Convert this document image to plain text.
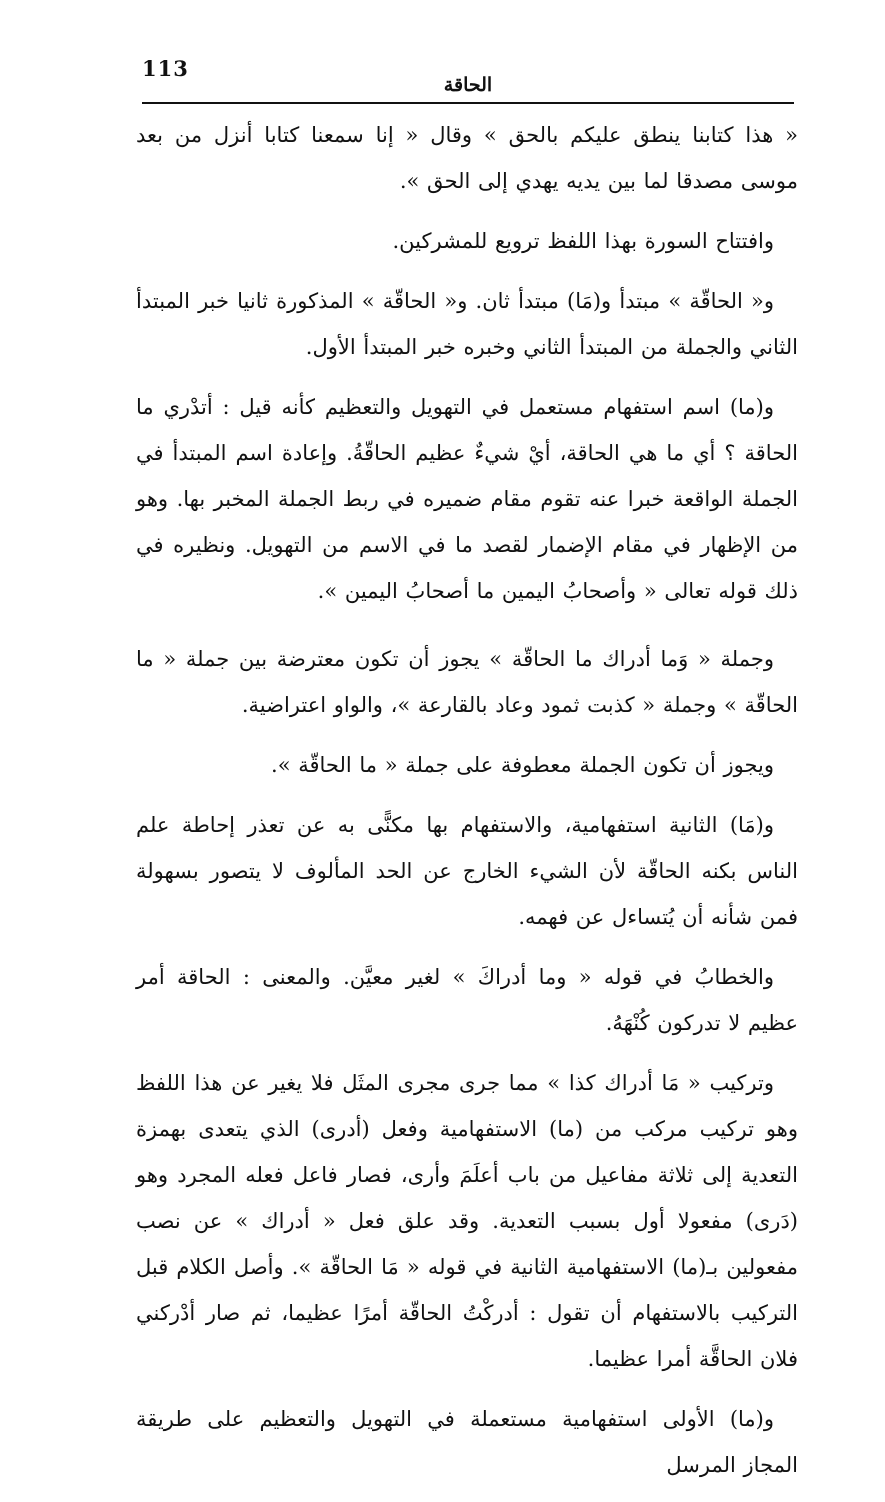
113
الحاقة

« هذا كتابنا ينطق عليكم بالحق » وقال « إنا سمعنا كتابا أنزل من بعد موسى مصدقا لما بين يديه يهدي إلى الحق ».

وافتتاح السورة بهذا اللفظ ترويع للمشركين.

و« الحاقّة » مبتدأ و(مَا) مبتدأ ثان. و« الحاقّة » المذكورة ثانيا خبر المبتدأ الثاني والجملة من المبتدأ الثاني وخبره خبر المبتدأ الأول.

و(ما) اسم استفهام مستعمل في التهويل والتعظيم كأنه قيل : أتدْري ما الحاقة ؟ أي ما هي الحاقة، أيْ شيءٌ عظيم الحاقّةُ. وإعادة اسم المبتدأ في الجملة الواقعة خبرا عنه تقوم مقام ضميره في ربط الجملة المخبر بها. وهو من الإظهار في مقام الإضمار لقصد ما في الاسم من التهويل. ونظيره في ذلك قوله تعالى « وأصحابُ اليمين ما أصحابُ اليمين ».

وجملة « وَما أدراك ما الحاقّة » يجوز أن تكون معترضة بين جملة « ما الحاقّة » وجملة « كذبت ثمود وعاد بالقارعة »، والواو اعتراضية.

ويجوز أن تكون الجملة معطوفة على جملة « ما الحاقّة ».

و(مَا) الثانية استفهامية، والاستفهام بها مكنًّى به عن تعذر إحاطة علم الناس بكنه الحاقّة لأن الشيء الخارج عن الحد المألوف لا يتصور بسهولة فمن شأنه أن يُتساءل عن فهمه.

والخطابُ في قوله « وما أدراكَ » لغير معيَّن. والمعنى : الحاقة أمر عظيم لا تدركون كُنْهَهُ.

وتركيب « مَا أدراك كذا » مما جرى مجرى المثَل فلا يغير عن هذا اللفظ وهو تركيب مركب من (ما) الاستفهامية وفعل (أدرى) الذي يتعدى بهمزة التعدية إلى ثلاثة مفاعيل من باب أعلَمَ وأرى، فصار فاعل فعله المجرد وهو (دَرى) مفعولا أول بسبب التعدية. وقد علق فعل « أدراك » عن نصب مفعولين بـ(ما) الاستفهامية الثانية في قوله « مَا الحاقّة ». وأصل الكلام قبل التركيب بالاستفهام أن تقول : أدركْتُ الحاقّة أمرًا عظيما، ثم صار أدْركني فلان الحاقَّة أمرا عظيما.

و(ما) الأولى استفهامية مستعملة في التهويل والتعظيم على طريقة المجاز المرسل
